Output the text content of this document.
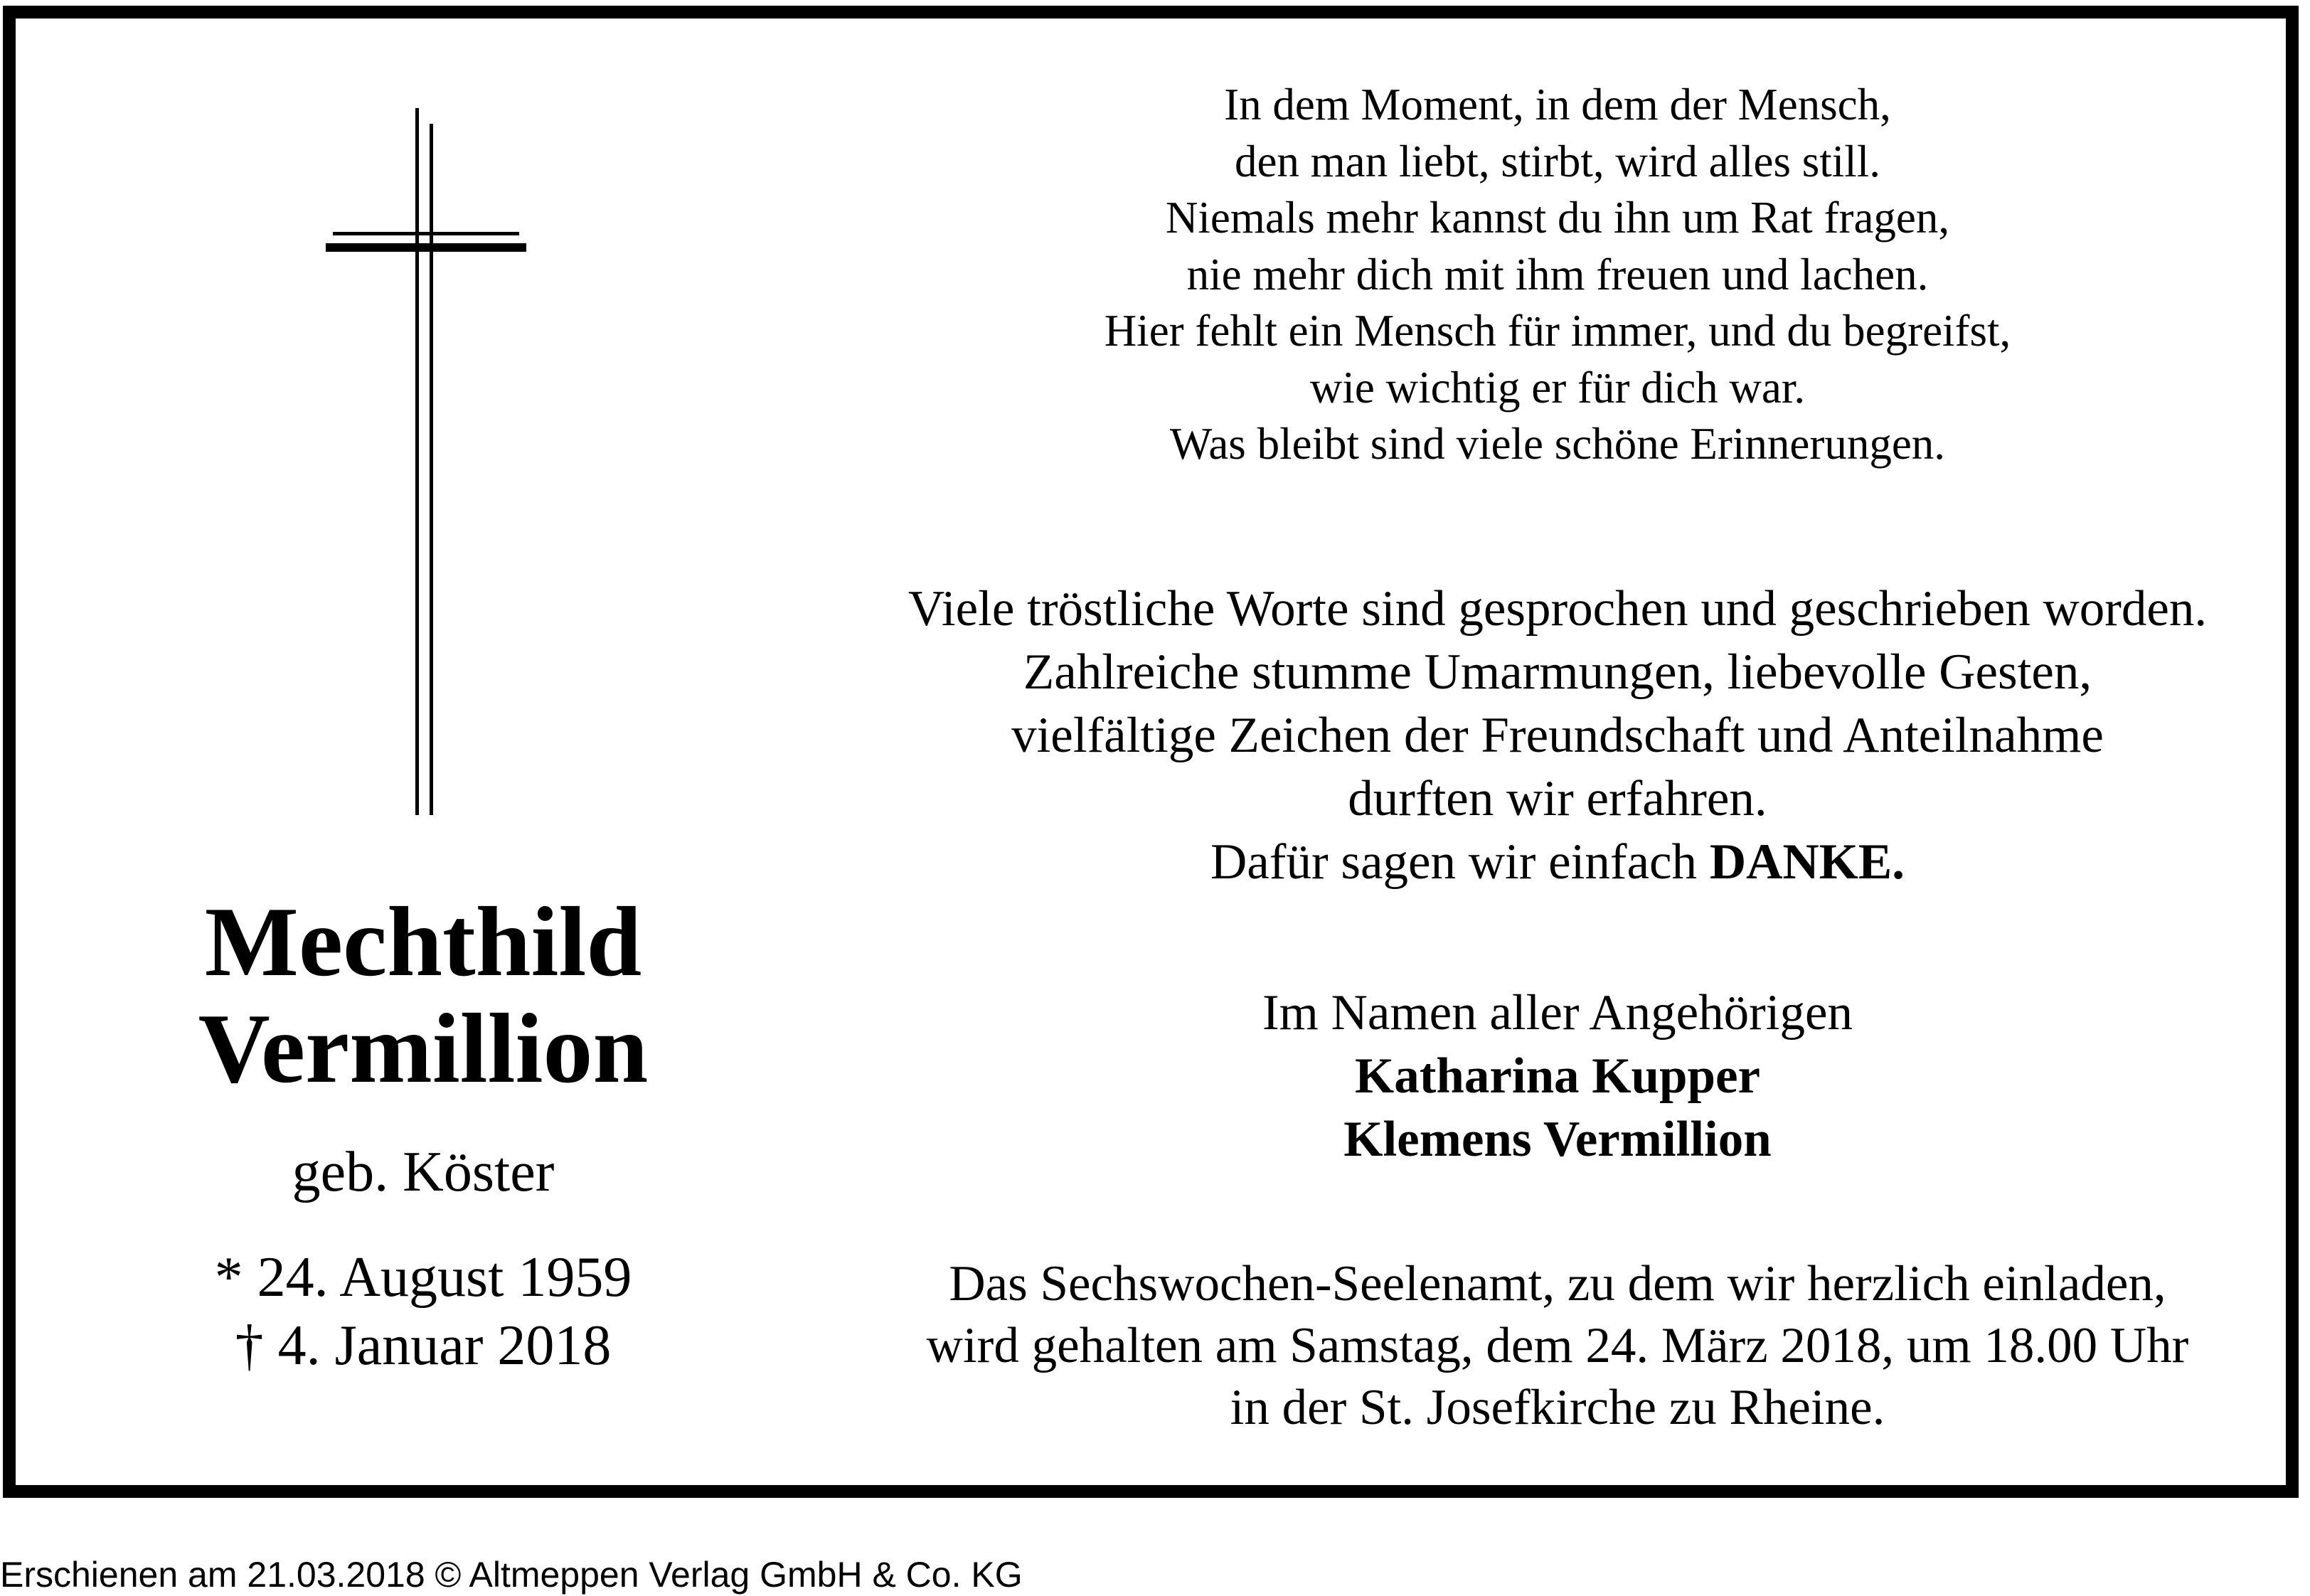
Mechthild
Vermillion
geb. Köster
* 24. August 1959
† 4. Januar 2018
In dem Moment, in dem der Mensch,
den man liebt, stirbt, wird alles still.
Niemals mehr kannst du ihn um Rat fragen,
nie mehr dich mit ihm freuen und lachen.
Hier fehlt ein Mensch für immer, und du begreifst,
wie wichtig er für dich war.
Was bleibt sind viele schöne Erinnerungen.
Viele tröstliche Worte sind gesprochen und geschrieben worden.
Zahlreiche stumme Umarmungen, liebevolle Gesten,
vielfältige Zeichen der Freundschaft und Anteilnahme
durften wir erfahren.
Dafür sagen wir einfach DANKE.
Im Namen aller Angehörigen
Katharina Kupper
Klemens Vermillion
Das Sechswochen-Seelenamt, zu dem wir herzlich einladen,
wird gehalten am Samstag, dem 24. März 2018, um 18.00 Uhr
in der St. Josefkirche zu Rheine.
Erschienen am 21.03.2018 © Altmeppen Verlag GmbH & Co. KG
